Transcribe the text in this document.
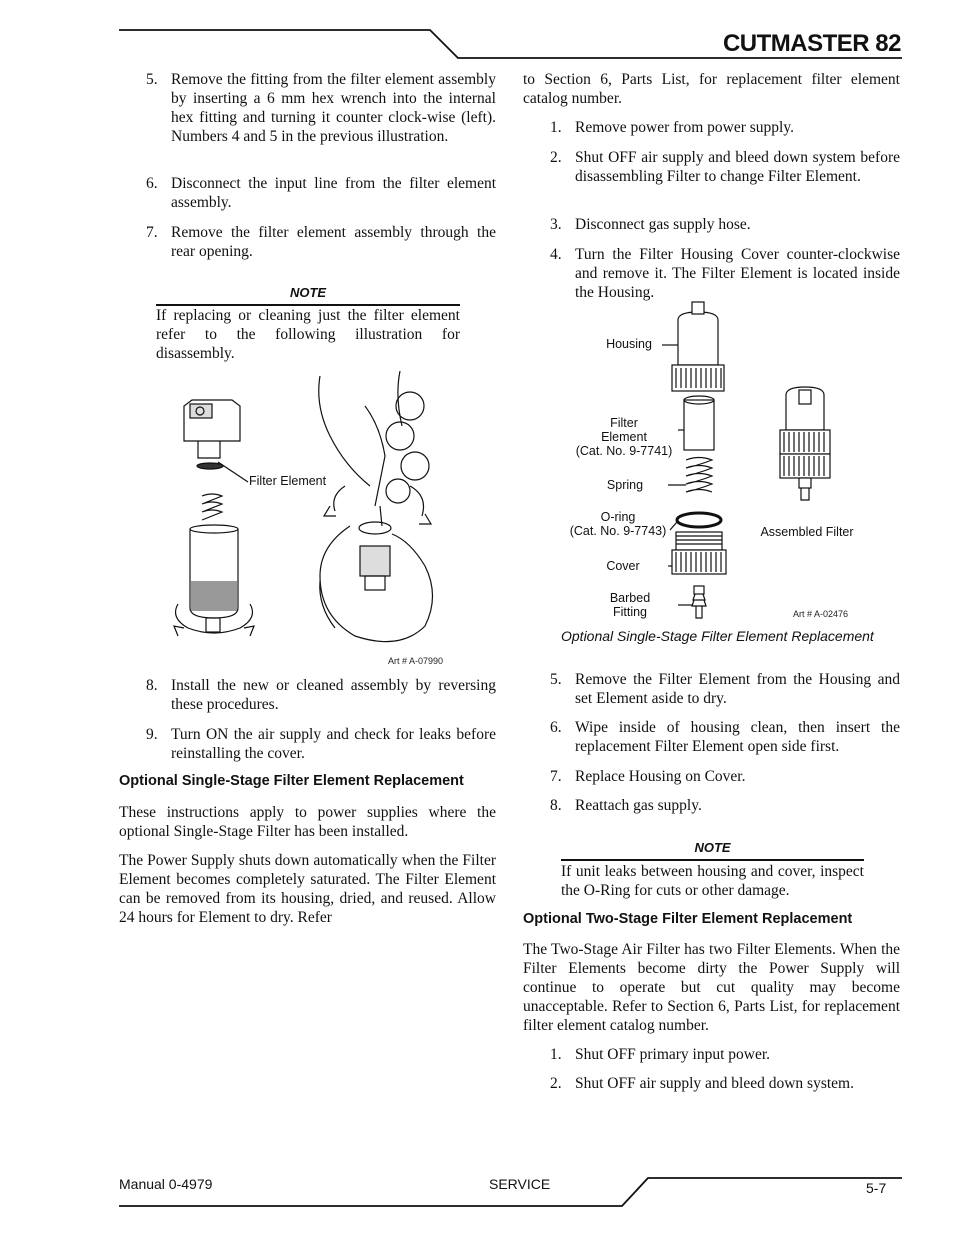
CUTMASTER 82
5. Remove the fitting from the filter element assembly by inserting a 6 mm hex wrench into the internal hex fitting and turning it counter clock-wise (left). Numbers 4 and 5 in the previous illustration.
6. Disconnect the input line from the filter element assembly.
7. Remove the filter element assembly through the rear opening.
NOTE
If replacing or cleaning just the filter element refer to the following illustration for disassembly.
Filter Element
Art # A-07990
8. Install the new or cleaned assembly by reversing these procedures.
9. Turn ON the air supply and check for leaks before reinstalling the cover.
Optional Single-Stage Filter Element Replacement
These instructions apply to power supplies where the optional Single-Stage Filter has been installed.
The Power Supply shuts down automatically when the Filter Element becomes completely saturated. The Filter Element can be removed from its housing, dried, and reused. Allow 24 hours for Element to dry. Refer
to Section 6, Parts List, for replacement filter element catalog number.
1. Remove power from power supply.
2. Shut OFF air supply and bleed down system before disassembling Filter to change Filter Element.
3. Disconnect gas supply hose.
4. Turn the Filter Housing Cover counter-clockwise and remove it. The Filter Element is located inside the Housing.
Housing
Filter
Element
(Cat. No. 9-7741)
Spring
O-ring
(Cat. No. 9-7743)
Cover
Barbed
Fitting
Assembled Filter
Art # A-02476
Optional Single-Stage Filter Element Replacement
5. Remove the Filter Element from the Housing and set Element aside to dry.
6. Wipe inside of housing clean, then insert the replacement Filter Element open side first.
7. Replace Housing on Cover.
8. Reattach gas supply.
NOTE
If unit leaks between housing and cover, inspect the O-Ring for cuts or other damage.
Optional Two-Stage Filter Element Replacement
The Two-Stage Air Filter has two Filter Elements. When the Filter Elements become dirty the Power Supply will continue to operate but cut quality may become unacceptable. Refer to Section 6, Parts List, for replacement filter element catalog number.
1. Shut OFF primary input power.
2. Shut OFF air supply and bleed down system.
Manual 0-4979	SERVICE	5-7
